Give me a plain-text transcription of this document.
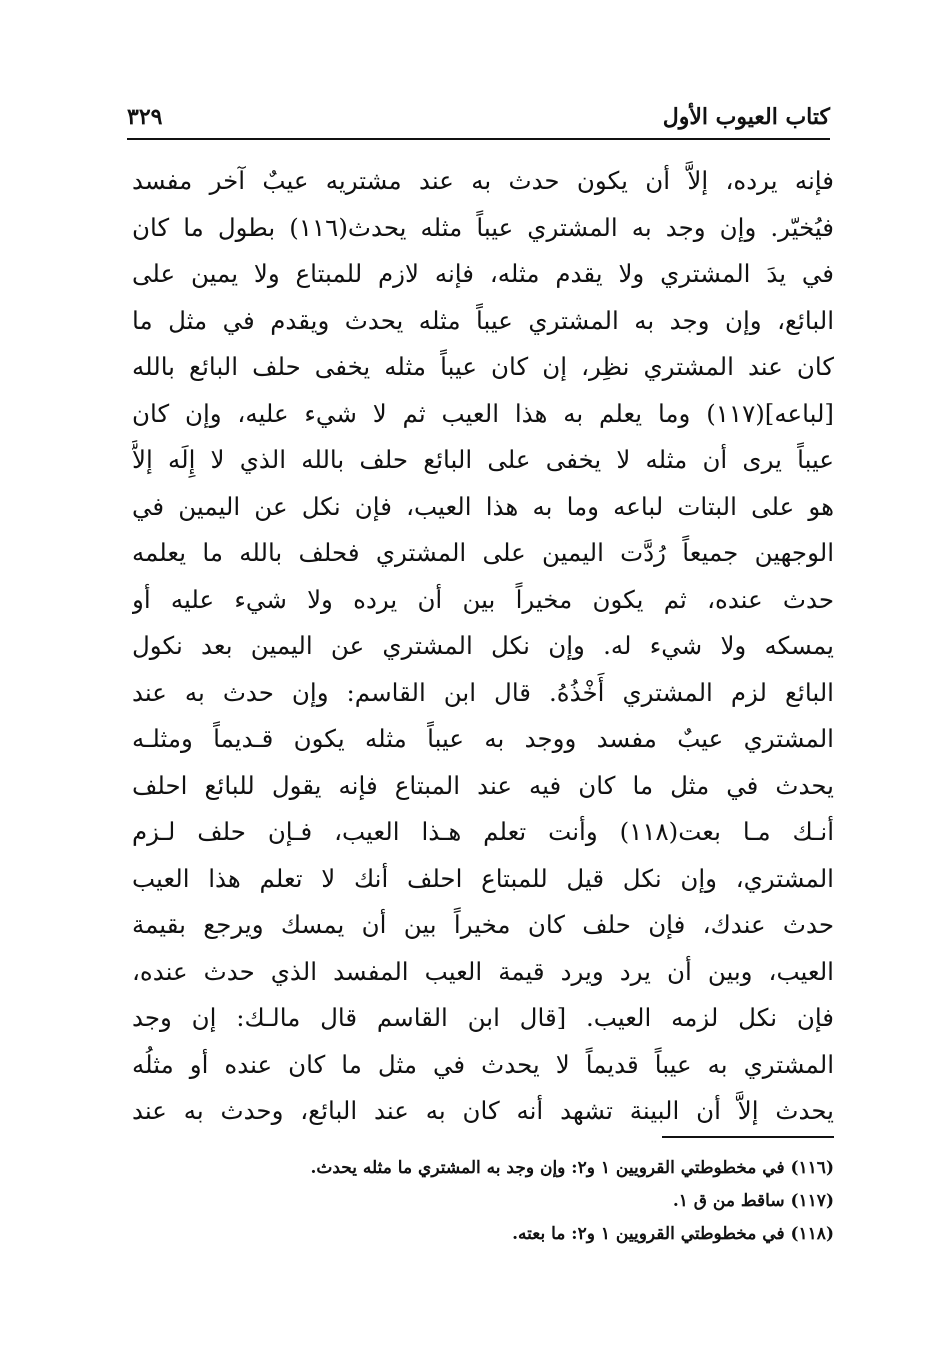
٣٢٩	كتاب العيوب الأول
فإنه يرده، إلاَّ أن يكون حدث به عند مشتريه عيبٌ آخر مفسد
فيُخيّر. وإن وجد به المشتري عيباً مثله يحدث(١١٦) بطول ما كان
في يدَ المشتري ولا يقدم مثله، فإنه لازم للمبتاع ولا يمين على
البائع، وإن وجد به المشتري عيباً مثله يحدث ويقدم في مثل ما
كان عند المشتري نظِر، إن كان عيباً مثله يخفى حلف البائع بالله
[لباعه](١١٧) وما يعلم به هذا العيب ثم لا شيء عليه، وإن كان
عيباً يرى أن مثله لا يخفى على البائع حلف بالله الذي لا إِلَه إلاَّ
هو على البتات لباعه وما به هذا العيب، فإن نكل عن اليمين في
الوجهين جميعاً رُدَّت اليمين على المشتري فحلف بالله ما يعلمه
حدث عنده، ثم يكون مخيراً بين أن يرده ولا شيء عليه أو
يمسكه ولا شيء له. وإن نكل المشتري عن اليمين بعد نكول
البائع لزم المشتري أَخْذُهُ. قال ابن القاسم: وإن حدث به عند
المشتري عيبٌ مفسد ووجد به عيباً مثله يكون قـديماً ومثلـه
يحدث في مثل ما كان فيه عند المبتاع فإنه يقول للبائع احلف
أنـك مـا بعت(١١٨) وأنت تعلم هـذا العيب، فـإن حلف لـزم
المشتري، وإن نكل قيل للمبتاع احلف أنك لا تعلم هذا العيب
حدث عندك، فإن حلف كان مخيراً بين أن يمسك ويرجع بقيمة
العيب، وبين أن يرد ويرد قيمة العيب المفسد الذي حدث عنده،
فإن نكل لزمه العيب. [قال ابن القاسم قال مالـك: إن وجد
المشتري به عيباً قديماً لا يحدث في مثل ما كان عنده أو مثلُه
يحدث إلاَّ أن البينة تشهد أنه كان به عند البائع، وحدث به عند
(١١٦) في مخطوطتي القرويين ١ و٢: وإن وجد به المشتري ما مثله يحدث.
(١١٧) ساقط من ق ١.
(١١٨) في مخطوطتي القرويين ١ و٢: ما بعته.
